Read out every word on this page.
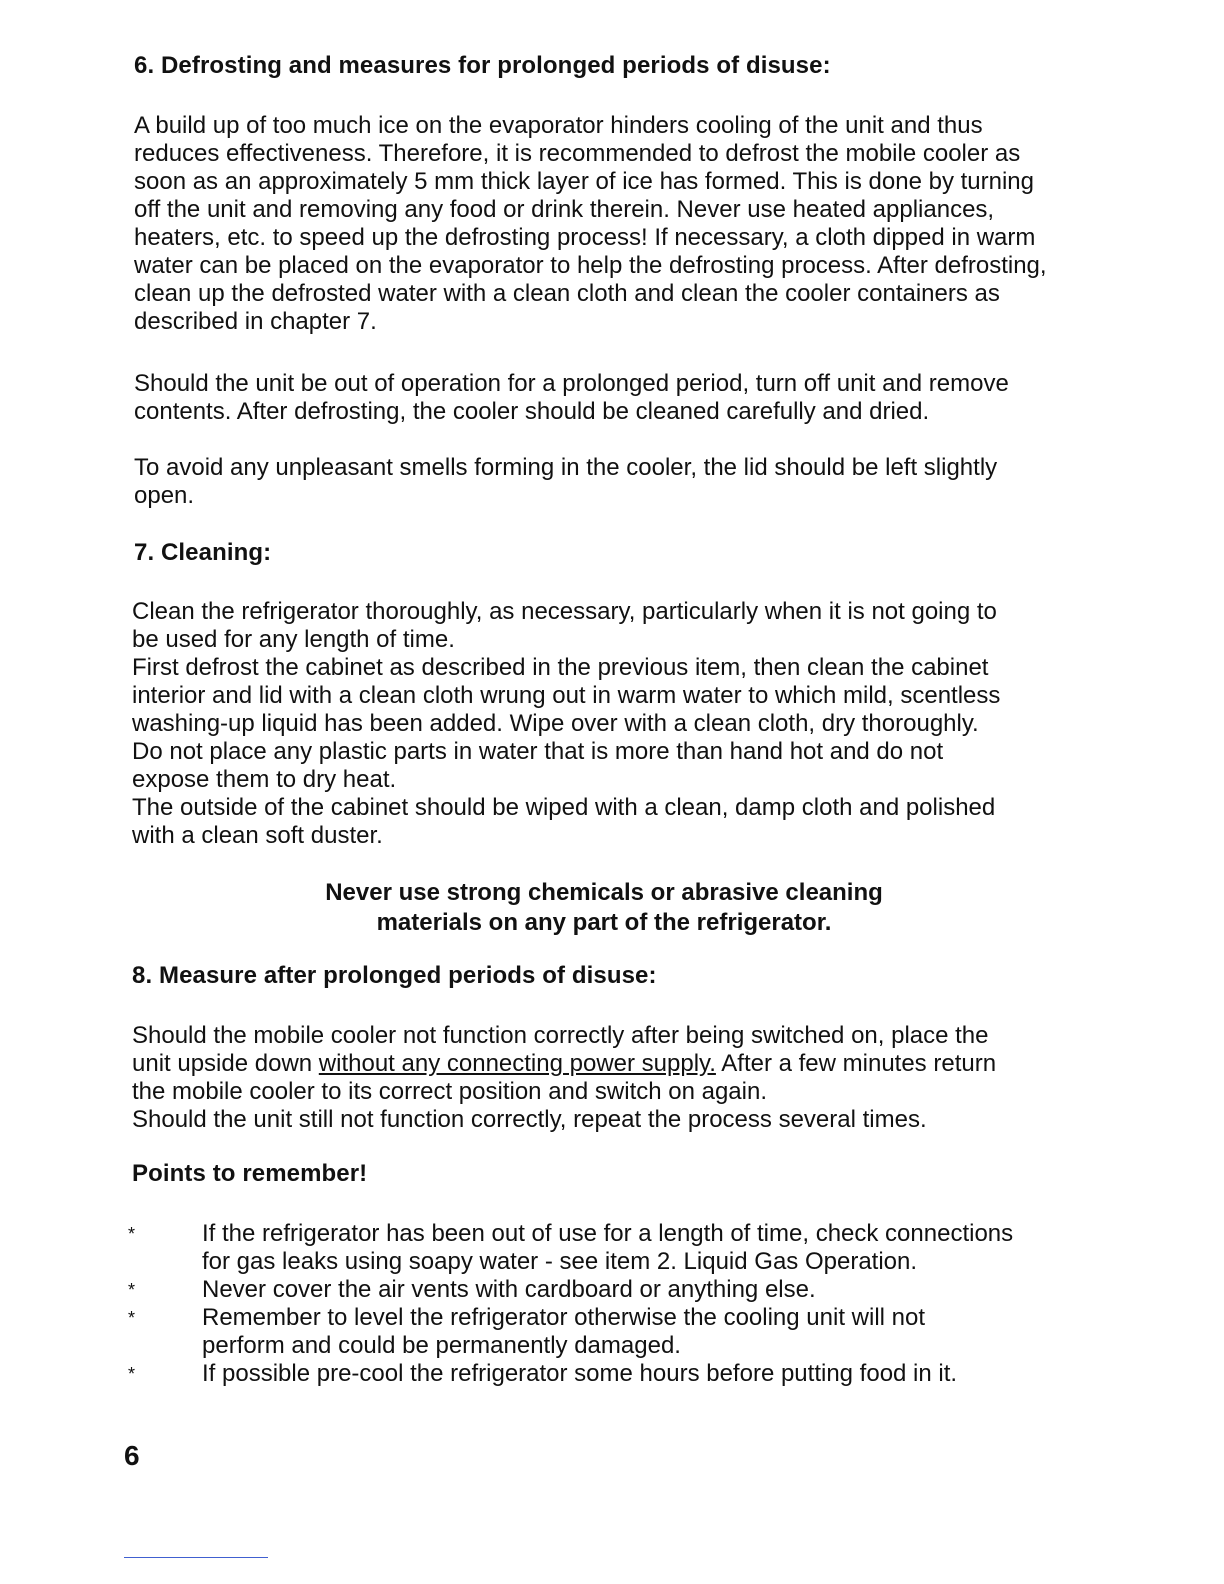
6. Defrosting and measures for prolonged periods of disuse:
A build up of too much ice on the evaporator hinders cooling of the unit and thus
reduces effectiveness. Therefore, it is recommended to defrost the mobile cooler as
soon as an approximately 5 mm thick layer of ice has formed. This is done by turning
off the unit and removing any food or drink therein. Never use heated appliances,
heaters, etc. to speed up the defrosting process! If necessary, a cloth dipped in warm
water can be placed on the evaporator to help the defrosting process. After defrosting,
clean up the defrosted water with a clean cloth and clean the cooler containers as
described in chapter 7.
Should the unit be out of operation for a prolonged period, turn off unit and remove
contents. After defrosting, the cooler should be cleaned carefully and dried.
To avoid any unpleasant smells forming in the cooler, the lid should be left slightly
open.
7. Cleaning:
Clean the refrigerator thoroughly, as necessary, particularly when it is not going to
be used for any length of time.
First defrost the cabinet as described in the previous item, then clean the cabinet
interior and lid with a clean cloth wrung out in warm water to which mild, scentless
washing-up liquid has been added. Wipe over with a clean cloth, dry thoroughly.
Do not place any plastic parts in water that is more than hand hot and do not
expose them to dry heat.
The outside of the cabinet should be wiped with a clean, damp cloth and polished
with a clean soft duster.
Never use strong chemicals or abrasive cleaning
materials on any part of the refrigerator.
8. Measure after prolonged periods of disuse:
Should the mobile cooler not function correctly after being switched on, place the
unit upside down without any connecting power supply. After a few minutes return
the mobile cooler to its correct position and switch on again.
Should the unit still not function correctly, repeat the process several times.
Points to remember!
*	If the refrigerator has been out of use for a length of time, check connections
for gas leaks using soapy water - see item 2. Liquid Gas Operation.
*	Never cover the air vents with cardboard or anything else.
*	Remember to level the refrigerator otherwise the cooling unit will not
perform and could be permanently damaged.
*	If possible pre-cool the refrigerator some hours before putting food in it.
6
